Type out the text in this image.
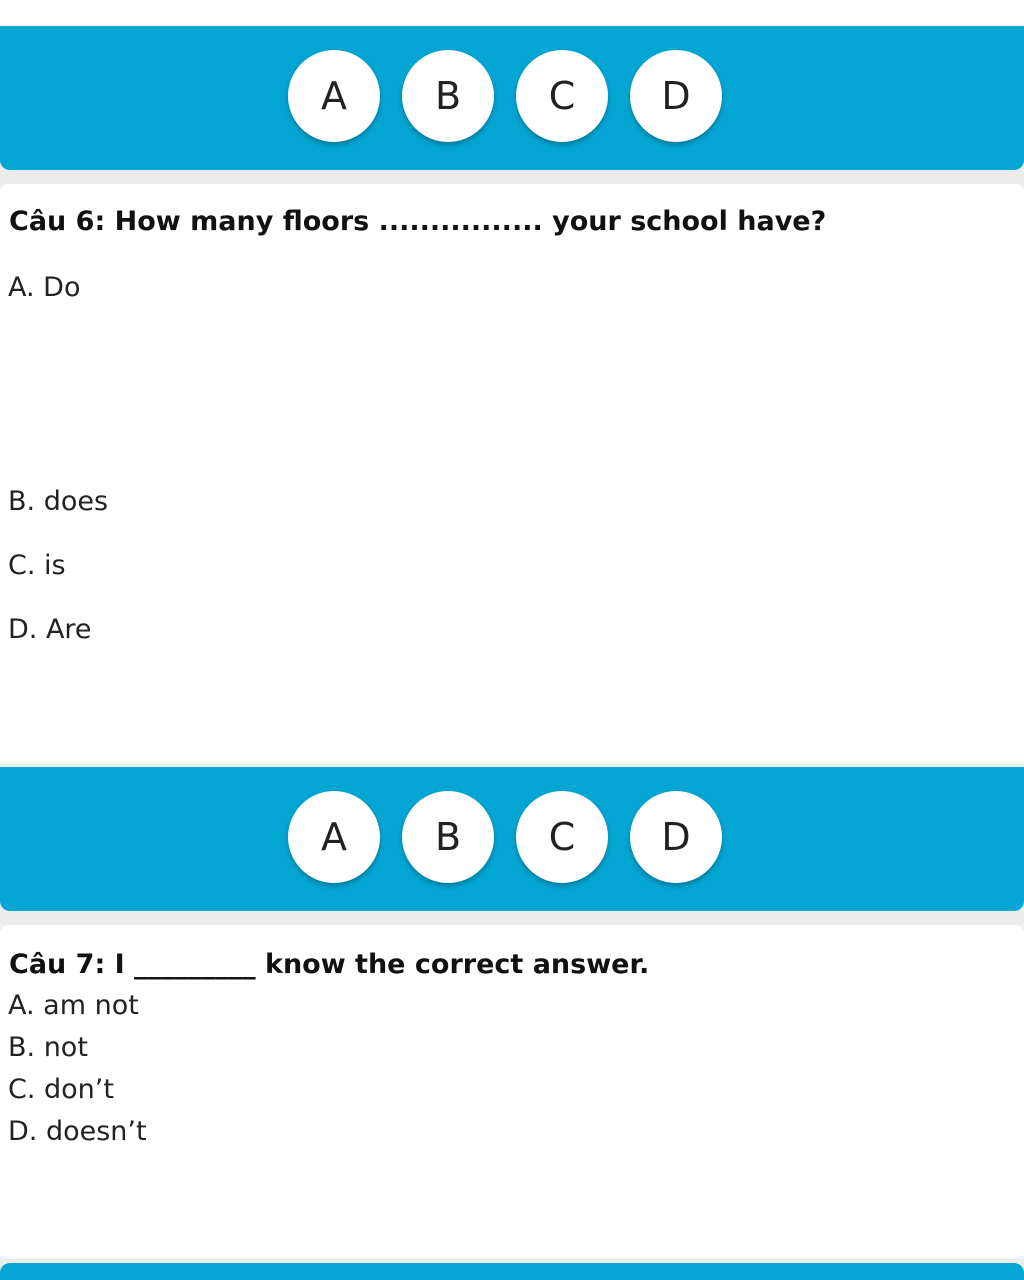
A	B	C	D
Câu 6: How many floors ................ your school have?
A. Do
B. does
C. is
D. Are
A	B	C	D
Câu 7: I _________ know the correct answer.
A. am not
B. not
C. don’t
D. doesn’t
